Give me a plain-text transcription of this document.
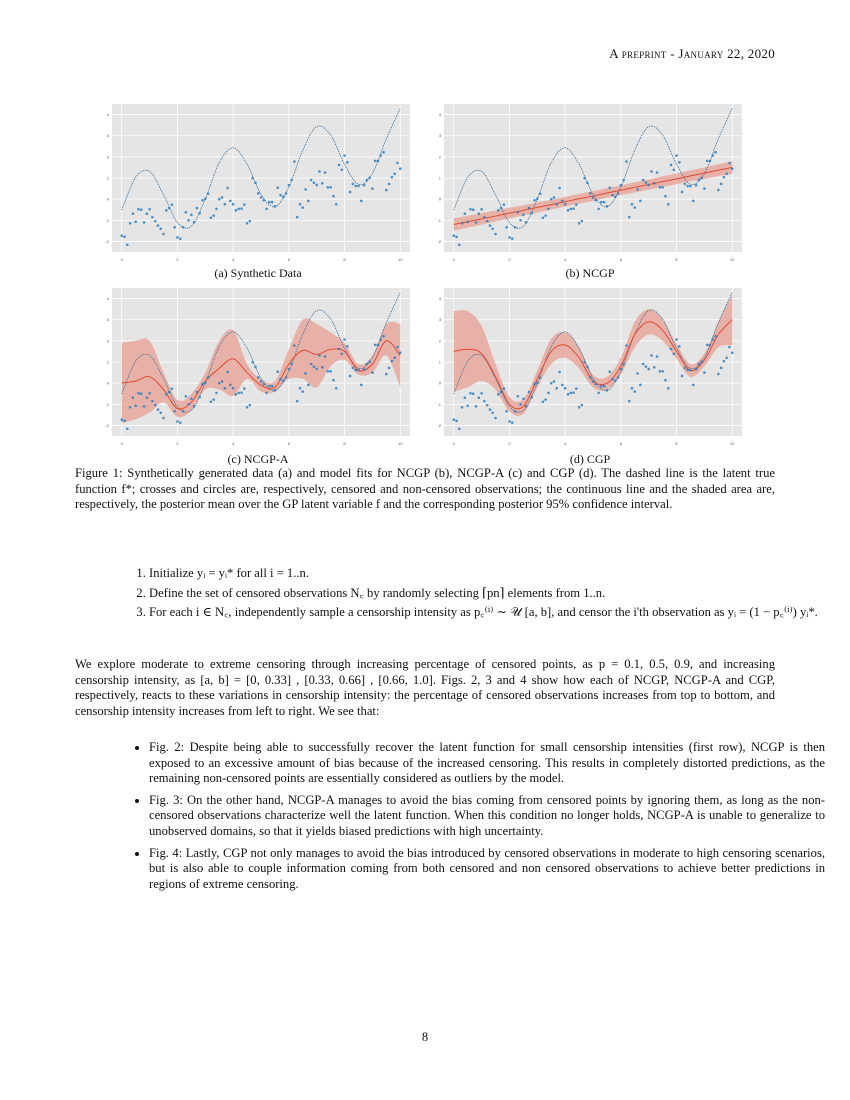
A preprint - January 22, 2020
0	2	4	6	8	10
-2
-1
0
1
2
3
4
0	2	4	6	8	10
-2
-1
0
1
2
3
4
0	2	4	6	8	10
-2
-1
0
1
2
3
4
0	2	4	6	8	10
-2
-1
0
1
2
3
4
(a) Synthetic Data	(b) NCGP
(c) NCGP-A	(d) CGP
Figure 1: Synthetically generated data (a) and model fits for NCGP (b), NCGP-A (c) and CGP (d). The dashed line is the latent true function f*; crosses and circles are, respectively, censored and non-censored observations; the continuous line and the shaded area are, respectively, the posterior mean over the GP latent variable f and the corresponding posterior 95% confidence interval.
1. Initialize yᵢ = yᵢ* for all i = 1..n.
2. Define the set of censored observations N꜀ by randomly selecting ⌈pn⌉ elements from 1..n.
3. For each i ∈ N꜀, independently sample a censorship intensity as p꜀⁽ⁱ⁾ ∼ 𝒰 [a, b], and censor the i'th observation as yᵢ = (1 − p꜀⁽ⁱ⁾) yᵢ*.
We explore moderate to extreme censoring through increasing percentage of censored points, as p = 0.1, 0.5, 0.9, and increasing censorship intensity, as [a, b] = [0, 0.33] , [0.33, 0.66] , [0.66, 1.0]. Figs. 2, 3 and 4 show how each of NCGP, NCGP-A and CGP, respectively, reacts to these variations in censorship intensity: the percentage of censored observations increases from top to bottom, and censorship intensity increases from left to right. We see that:
• Fig. 2: Despite being able to successfully recover the latent function for small censorship intensities (first row), NCGP is then exposed to an excessive amount of bias because of the increased censoring. This results in completely distorted predictions, as the remaining non-censored points are essentially considered as outliers by the model.
• Fig. 3: On the other hand, NCGP-A manages to avoid the bias coming from censored points by ignoring them, as long as the non-censored observations characterize well the latent function. When this condition no longer holds, NCGP-A is unable to generalize to unobserved domains, so that it yields biased predictions with high uncertainty.
• Fig. 4: Lastly, CGP not only manages to avoid the bias introduced by censored observations in moderate to high censoring scenarios, but is also able to couple information coming from both censored and non censored observations to achieve better predictions in regions of extreme censoring.
8
